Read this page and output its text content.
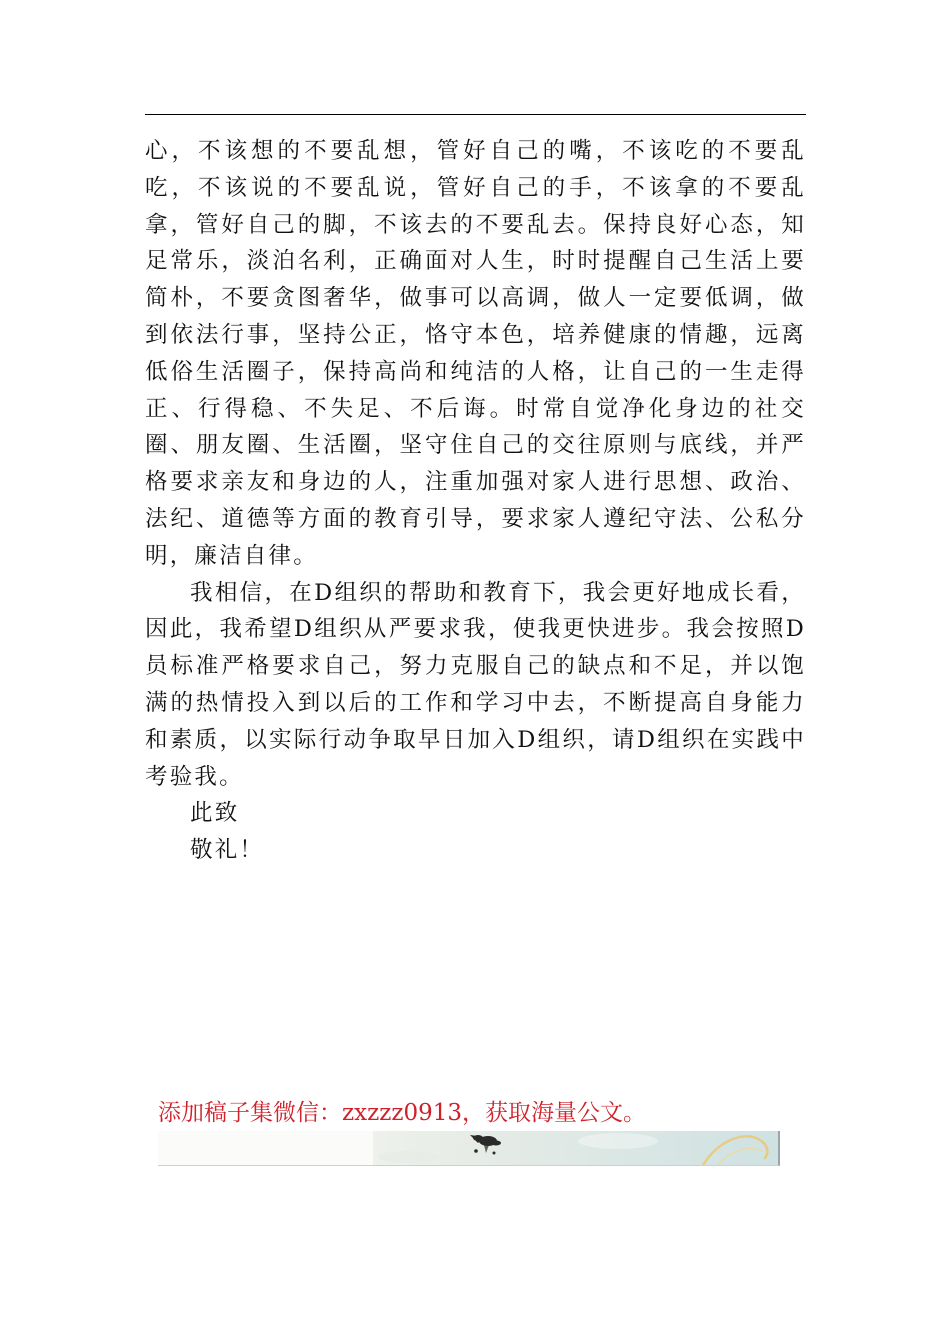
心，不该想的不要乱想，管好自己的嘴，不该吃的不要乱吃，不该说的不要乱说，管好自己的手，不该拿的不要乱拿，管好自己的脚，不该去的不要乱去。保持良好心态，知足常乐，淡泊名利，正确面对人生，时时提醒自己生活上要简朴，不要贪图奢华，做事可以高调，做人一定要低调，做到依法行事，坚持公正，恪守本色，培养健康的情趣，远离低俗生活圈子，保持高尚和纯洁的人格，让自己的一生走得正、行得稳、不失足、不后诲。时常自觉净化身边的社交圈、朋友圈、生活圈，坚守住自己的交往原则与底线，并严格要求亲友和身边的人，注重加强对家人进行思想、政治、法纪、道德等方面的教育引导，要求家人遵纪守法、公私分明，廉洁自律。

我相信，在D组织的帮助和教育下，我会更好地成长看，因此，我希望D组织从严要求我，使我更快进步。我会按照D员标准严格要求自己，努力克服自己的缺点和不足，并以饱满的热情投入到以后的工作和学习中去，不断提高自身能力和素质，以实际行动争取早日加入D组织，请D组织在实践中考验我。

此致

敬礼！

添加稿子集微信：zxzzz0913，获取海量公文。
